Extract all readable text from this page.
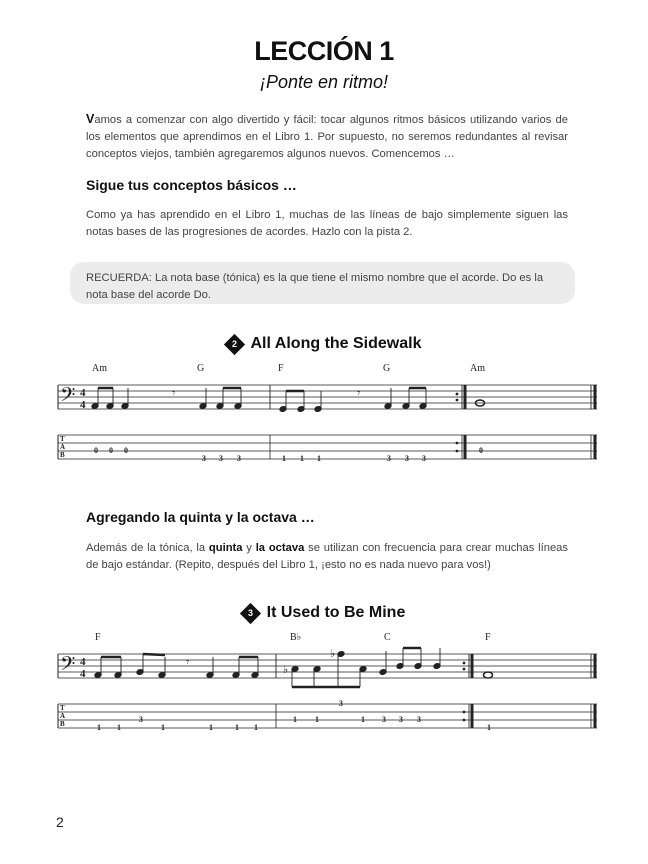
LECCIÓN 1
¡Ponte en ritmo!
Vamos a comenzar con algo divertido y fácil: tocar algunos ritmos básicos utilizando varios de los elementos que aprendimos en el Libro 1. Por supuesto, no seremos redundantes al revisar conceptos viejos, también agregaremos algunos nuevos. Comencemos …
Sigue tus conceptos básicos …
Como ya has aprendido en el Libro 1, muchas de las líneas de bajo simplemente siguen las notas bases de las progresiones de acordes. Hazlo con la pista 2.
RECUERDA: La nota base (tónica) es la que tiene el mismo nombre que el acorde. Do es la nota base del acorde Do.
2 All Along the Sidewalk
Am	G	F	G	Am
𝄢 4
4
𝄾	𝄾
T
A
B	0 0 0
3 3 3	1 1 1	3 3 3
0
Agregando la quinta y la octava …
Además de la tónica, la quinta y la octava se utilizan con frecuencia para crear muchas líneas de bajo estándar. (Repito, después del Libro 1, ¡esto no es nada nuevo para vos!)
3 It Used to Be Mine
F	B♭	C	F
𝄢 4
4
𝄾
♭
♭
T
A
B	1 1
3
1	1	1 1
1 1
3
1 3 3 3
1
2
